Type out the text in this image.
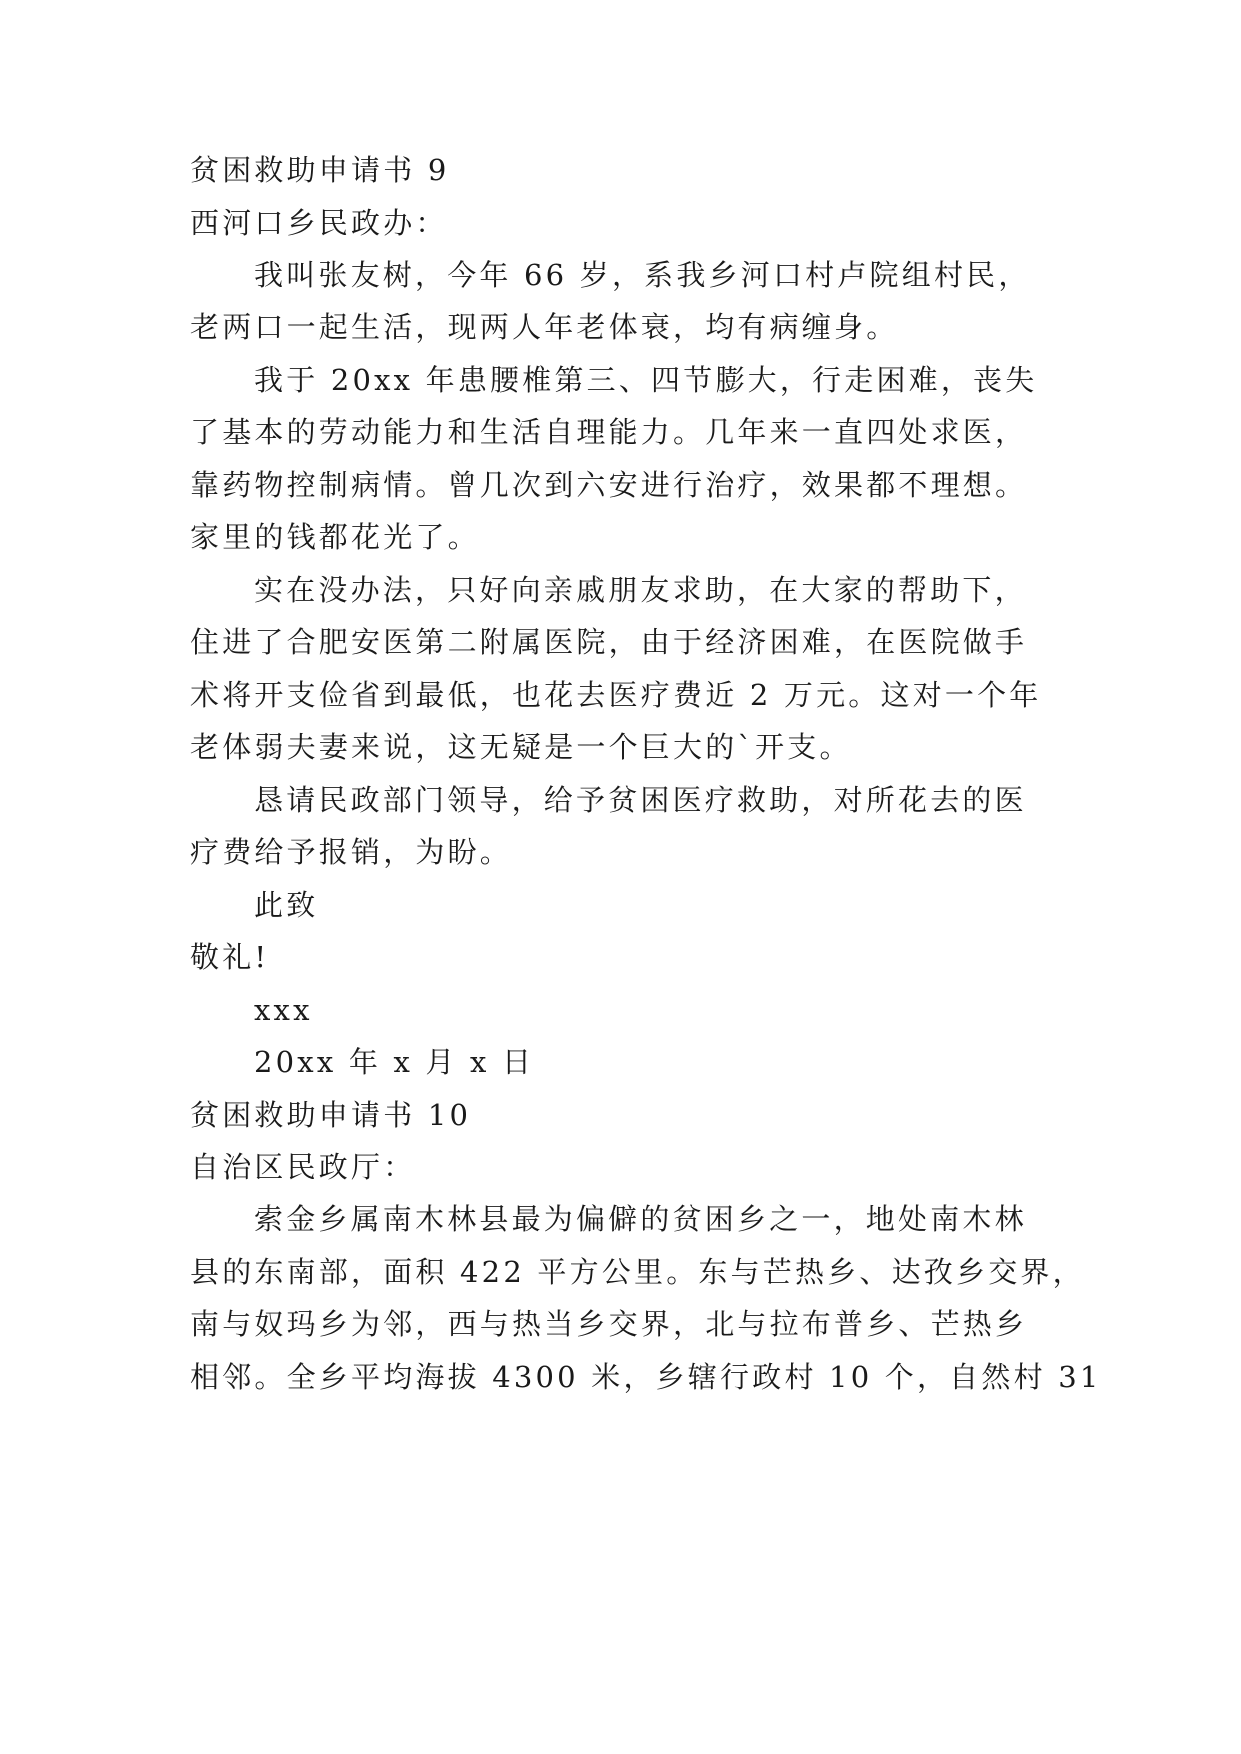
贫困救助申请书 9
西河口乡民政办：
我叫张友树，今年 66 岁，系我乡河口村卢院组村民，
老两口一起生活，现两人年老体衰，均有病缠身。
我于 20xx 年患腰椎第三、四节膨大，行走困难，丧失
了基本的劳动能力和生活自理能力。几年来一直四处求医，
靠药物控制病情。曾几次到六安进行治疗，效果都不理想。
家里的钱都花光了。
实在没办法，只好向亲戚朋友求助，在大家的帮助下，
住进了合肥安医第二附属医院，由于经济困难，在医院做手
术将开支俭省到最低，也花去医疗费近 2 万元。这对一个年
老体弱夫妻来说，这无疑是一个巨大的`开支。
恳请民政部门领导，给予贫困医疗救助，对所花去的医
疗费给予报销，为盼。
此致
敬礼!
xxx
20xx 年 x 月 x 日
贫困救助申请书 10
自治区民政厅：
索金乡属南木林县最为偏僻的贫困乡之一，地处南木林
县的东南部，面积 422 平方公里。东与芒热乡、达孜乡交界，
南与奴玛乡为邻，西与热当乡交界，北与拉布普乡、芒热乡
相邻。全乡平均海拔 4300 米，乡辖行政村 10 个，自然村 31
